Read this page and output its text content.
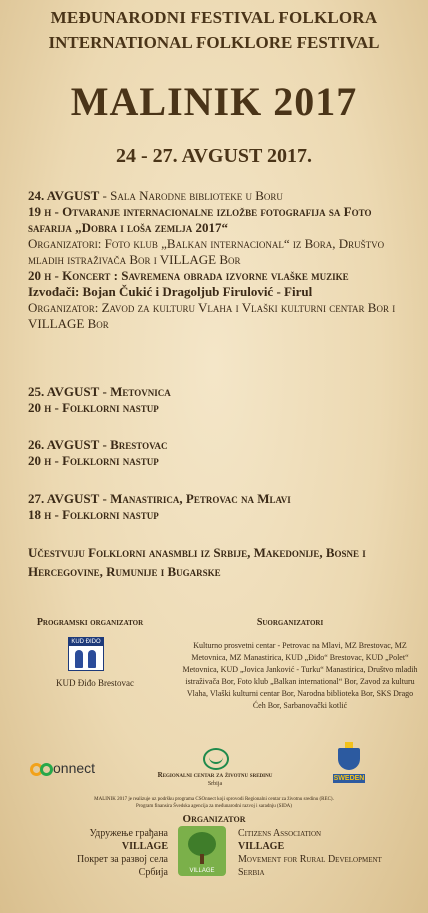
MEĐUNARODNI FESTIVAL FOLKLORA
INTERNATIONAL FOLKLORE FESTIVAL
MALINIK 2017
24 - 27. AVGUST 2017.

24. AVGUST - Sala Narodne biblioteke u Boru

19 h - Otvaranje internacionalne izložbe fotografija sa Foto safarija „Dobra i loša zemlja 2017“

Organizatori: Foto klub „Balkan internacional“ iz Bora, Društvo mladih istraživača Bor i VILLAGE Bor

20 h - Koncert : Savremena obrada izvorne vlaške muzike

Izvođači: Bojan Čukić i Dragoljub Firulović - Firul

Organizator: Zavod za kulturu Vlaha i Vlaški kulturni centar Bor i VILLAGE Bor

25. AVGUST - Metovnica

20 h - Folklorni nastup

26. AVGUST - Brestovac

20 h - Folklorni nastup

27. AVGUST - Manastirica, Petrovac na Mlavi

18 h - Folklorni nastup

Učestvuju Folklorni anasmbli iz Srbije, Makedonije, Bosne i Hercegovine, Rumunije i Bugarske
Programski organizator
KUD ĐIDO
KUD Điđo Brestovac
Suorganizatori
Kulturno prosvetni centar - Petrovac na Mlavi, MZ Brestovac, MZ Metovnica, MZ Manastirica, KUD „Điđo“ Brestovac, KUD „Polet“ Metovnica, KUD „Jovica Janković - Turku“ Manastirica, Društvo mladih istraživača Bor, Foto klub „Balkan international“ Bor, Zavod za kulturu Vlaha, Vlaški kulturni centar Bor, Narodna biblioteka Bor, SKS Drago Ćeh Bor, Sarbanovački kotlić
onnect	Regionalni centar za životnu sredinu
Srbija
SWEDEN
MALINIK 2017 je realizuje uz podršku programa CSOnnect koji sprovodi Regionalni centar za životnu sredinu (REC).
Program finansira Švedska agencija za međunarodni razvoj i saradnju (SIDA)
Organizator
Удружење грађана
VILLAGE
Покрет за развој села
Србија	VILLAGE
Citizens Association
VILLAGE
Movement for Rural Development
Serbia
